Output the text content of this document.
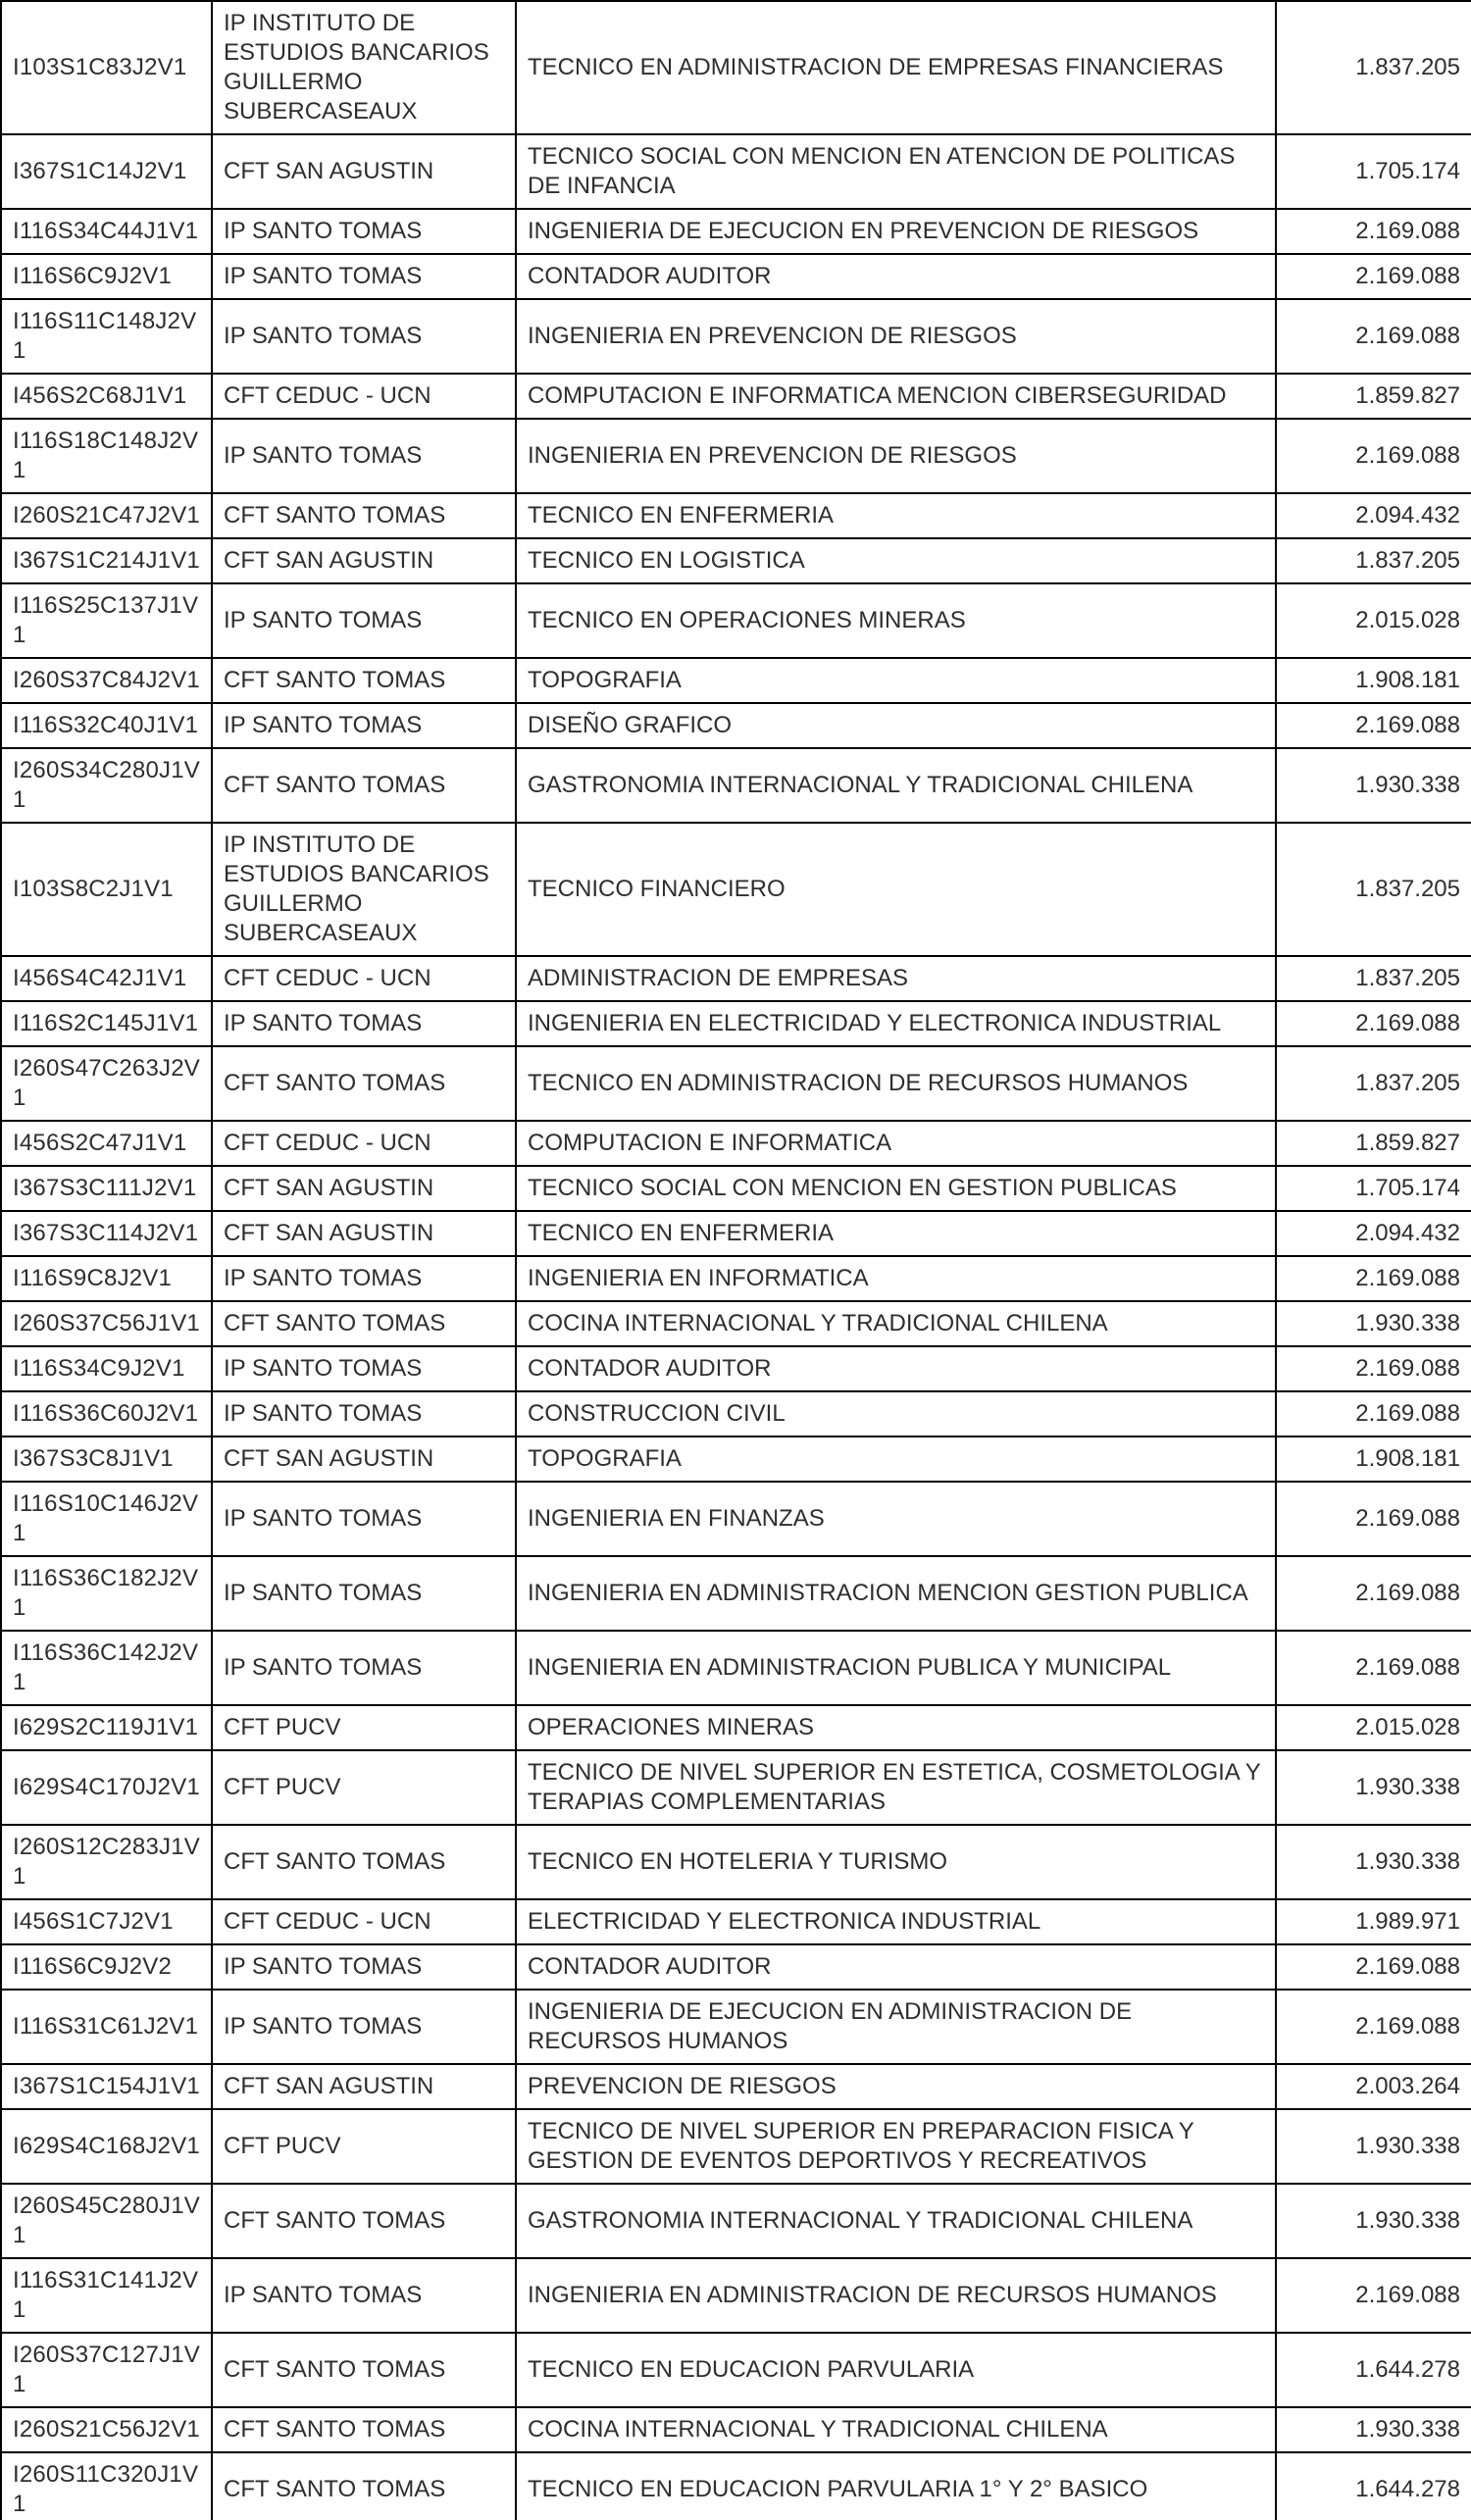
I103S1C83J2V1	IP INSTITUTO DE ESTUDIOS BANCARIOS GUILLERMO SUBERCASEAUX	TECNICO EN ADMINISTRACION DE EMPRESAS FINANCIERAS	1.837.205
I367S1C14J2V1	CFT SAN AGUSTIN	TECNICO SOCIAL CON MENCION EN ATENCION DE POLITICAS DE INFANCIA	1.705.174
I116S34C44J1V1	IP SANTO TOMAS	INGENIERIA DE EJECUCION EN PREVENCION DE RIESGOS	2.169.088
I116S6C9J2V1	IP SANTO TOMAS	CONTADOR AUDITOR	2.169.088
I116S11C148J2V1	IP SANTO TOMAS	INGENIERIA EN PREVENCION DE RIESGOS	2.169.088
I456S2C68J1V1	CFT CEDUC - UCN	COMPUTACION E INFORMATICA MENCION CIBERSEGURIDAD	1.859.827
I116S18C148J2V1	IP SANTO TOMAS	INGENIERIA EN PREVENCION DE RIESGOS	2.169.088
I260S21C47J2V1	CFT SANTO TOMAS	TECNICO EN ENFERMERIA	2.094.432
I367S1C214J1V1	CFT SAN AGUSTIN	TECNICO EN LOGISTICA	1.837.205
I116S25C137J1V1	IP SANTO TOMAS	TECNICO EN OPERACIONES MINERAS	2.015.028
I260S37C84J2V1	CFT SANTO TOMAS	TOPOGRAFIA	1.908.181
I116S32C40J1V1	IP SANTO TOMAS	DISEÑO GRAFICO	2.169.088
I260S34C280J1V1	CFT SANTO TOMAS	GASTRONOMIA INTERNACIONAL Y TRADICIONAL CHILENA	1.930.338
I103S8C2J1V1	IP INSTITUTO DE ESTUDIOS BANCARIOS GUILLERMO SUBERCASEAUX	TECNICO FINANCIERO	1.837.205
I456S4C42J1V1	CFT CEDUC - UCN	ADMINISTRACION DE EMPRESAS	1.837.205
I116S2C145J1V1	IP SANTO TOMAS	INGENIERIA EN ELECTRICIDAD Y ELECTRONICA INDUSTRIAL	2.169.088
I260S47C263J2V1	CFT SANTO TOMAS	TECNICO EN ADMINISTRACION DE RECURSOS HUMANOS	1.837.205
I456S2C47J1V1	CFT CEDUC - UCN	COMPUTACION E INFORMATICA	1.859.827
I367S3C111J2V1	CFT SAN AGUSTIN	TECNICO SOCIAL CON MENCION EN GESTION PUBLICAS	1.705.174
I367S3C114J2V1	CFT SAN AGUSTIN	TECNICO EN ENFERMERIA	2.094.432
I116S9C8J2V1	IP SANTO TOMAS	INGENIERIA EN INFORMATICA	2.169.088
I260S37C56J1V1	CFT SANTO TOMAS	COCINA INTERNACIONAL Y TRADICIONAL CHILENA	1.930.338
I116S34C9J2V1	IP SANTO TOMAS	CONTADOR AUDITOR	2.169.088
I116S36C60J2V1	IP SANTO TOMAS	CONSTRUCCION CIVIL	2.169.088
I367S3C8J1V1	CFT SAN AGUSTIN	TOPOGRAFIA	1.908.181
I116S10C146J2V1	IP SANTO TOMAS	INGENIERIA EN FINANZAS	2.169.088
I116S36C182J2V1	IP SANTO TOMAS	INGENIERIA EN ADMINISTRACION MENCION GESTION PUBLICA	2.169.088
I116S36C142J2V1	IP SANTO TOMAS	INGENIERIA EN ADMINISTRACION PUBLICA Y MUNICIPAL	2.169.088
I629S2C119J1V1	CFT PUCV	OPERACIONES MINERAS	2.015.028
I629S4C170J2V1	CFT PUCV	TECNICO DE NIVEL SUPERIOR EN ESTETICA, COSMETOLOGIA Y TERAPIAS COMPLEMENTARIAS	1.930.338
I260S12C283J1V1	CFT SANTO TOMAS	TECNICO EN HOTELERIA Y TURISMO	1.930.338
I456S1C7J2V1	CFT CEDUC - UCN	ELECTRICIDAD Y ELECTRONICA INDUSTRIAL	1.989.971
I116S6C9J2V2	IP SANTO TOMAS	CONTADOR AUDITOR	2.169.088
I116S31C61J2V1	IP SANTO TOMAS	INGENIERIA DE EJECUCION EN ADMINISTRACION DE RECURSOS HUMANOS	2.169.088
I367S1C154J1V1	CFT SAN AGUSTIN	PREVENCION DE RIESGOS	2.003.264
I629S4C168J2V1	CFT PUCV	TECNICO DE NIVEL SUPERIOR EN PREPARACION FISICA Y GESTION DE EVENTOS DEPORTIVOS Y RECREATIVOS	1.930.338
I260S45C280J1V1	CFT SANTO TOMAS	GASTRONOMIA INTERNACIONAL Y TRADICIONAL CHILENA	1.930.338
I116S31C141J2V1	IP SANTO TOMAS	INGENIERIA EN ADMINISTRACION DE RECURSOS HUMANOS	2.169.088
I260S37C127J1V1	CFT SANTO TOMAS	TECNICO EN EDUCACION PARVULARIA	1.644.278
I260S21C56J2V1	CFT SANTO TOMAS	COCINA INTERNACIONAL Y TRADICIONAL CHILENA	1.930.338
I260S11C320J1V1	CFT SANTO TOMAS	TECNICO EN EDUCACION PARVULARIA 1° Y 2° BASICO	1.644.278
